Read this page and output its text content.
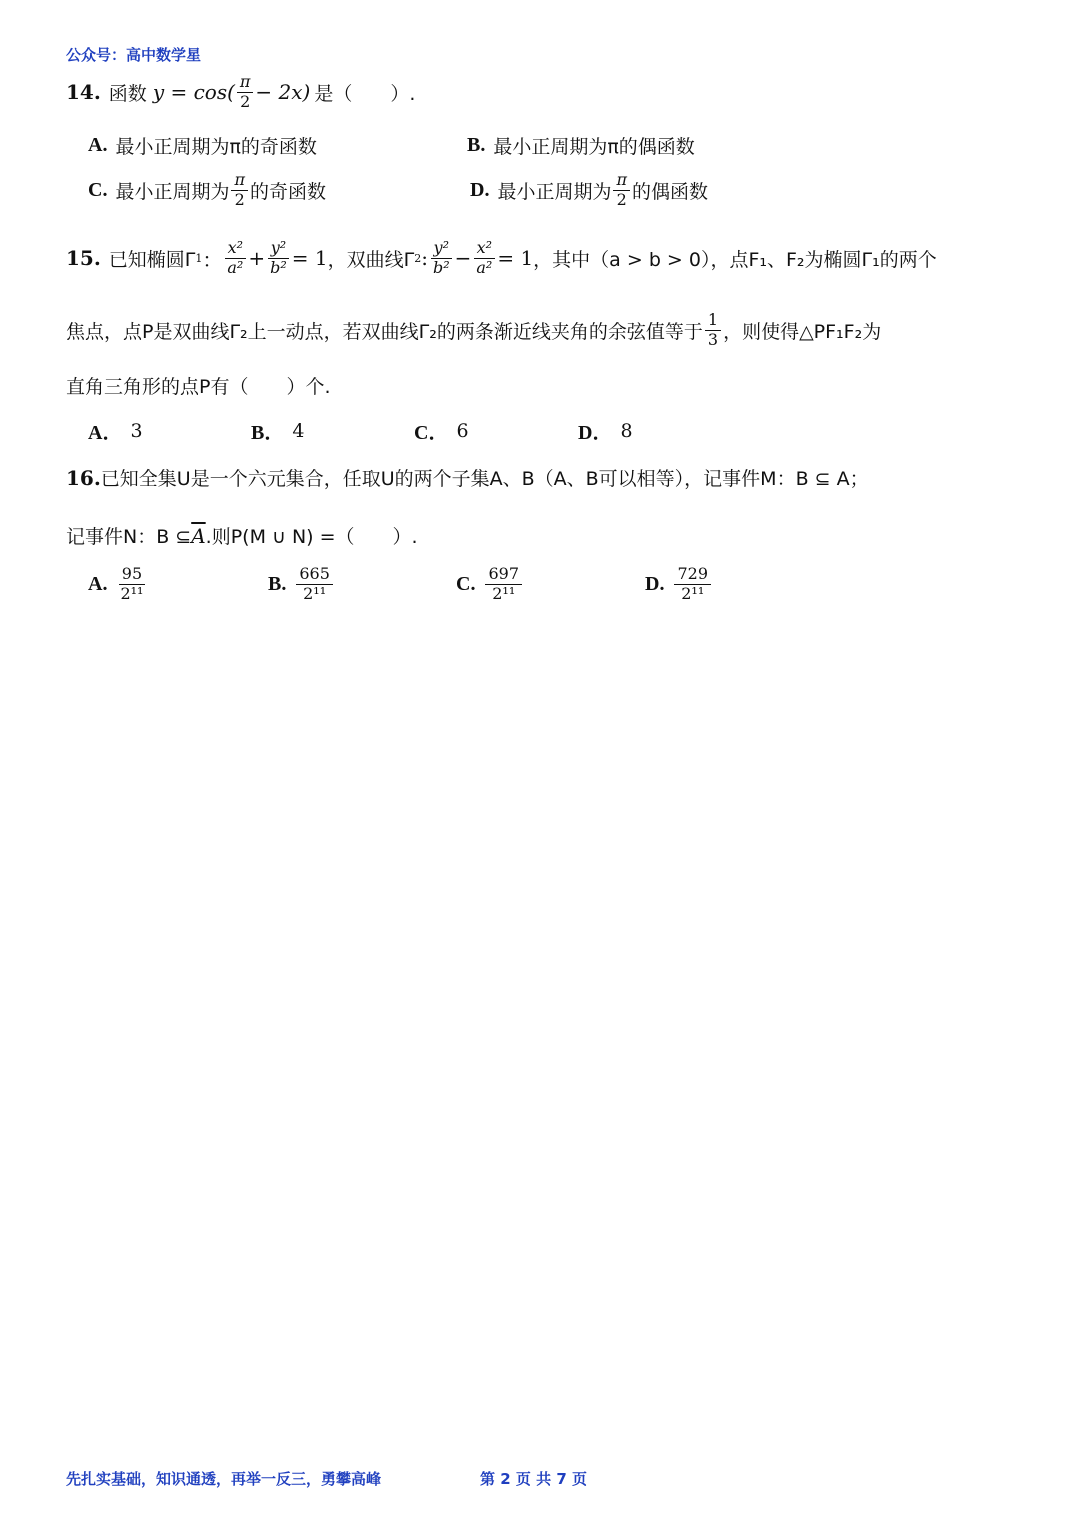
公众号：高中数学星
14. 函数 $y = \cos( \frac{\pi}{2} - 2x)$ 是（　　）.
A. 最小正周期为π的奇函数	B. 最小正周期为π的偶函数
C. 最小正周期为 $\frac{\pi}{2}$ 的奇函数	D. 最小正周期为 $\frac{\pi}{2}$ 的偶函数
15. 已知椭圆Γ 1 ： $\frac{\text{x²}}{\text{a²}} + \frac{\text{y²}}{\text{b²}} = 1$ ，双曲线Γ 2 : $\frac{\text{y²}}{\text{b²}} - \frac{\text{x²}}{\text{a²}} = 1$ ，其中（a > b > 0），点F₁、F₂为椭圆Γ₁的两个
焦点，点P是双曲线Γ₂上一动点，若双曲线Γ₂的两条渐近线夹角的余弦值等于 $\frac{1}{3}$ ，则使得△PF₁F₂为
直角三角形的点P有（　　）个.
A． 3	B． 4	C． 6	D． 8
16. 已知全集U是一个六元集合，任取U的两个子集A、B（A、B可以相等），记事件M：B ⊆ A；
记事件N：B ⊆ $\overline{A}$ .则P(M ∪ N) =（　　）.
A. $\frac{95}{\text{2¹¹}}$	B. $\frac{665}{\text{2¹¹}}$	C. $\frac{697}{\text{2¹¹}}$	D. $\frac{729}{\text{2¹¹}}$
先扎实基础，知识通透，再举一反三，勇攀高峰	第 2 页 共 7 页
